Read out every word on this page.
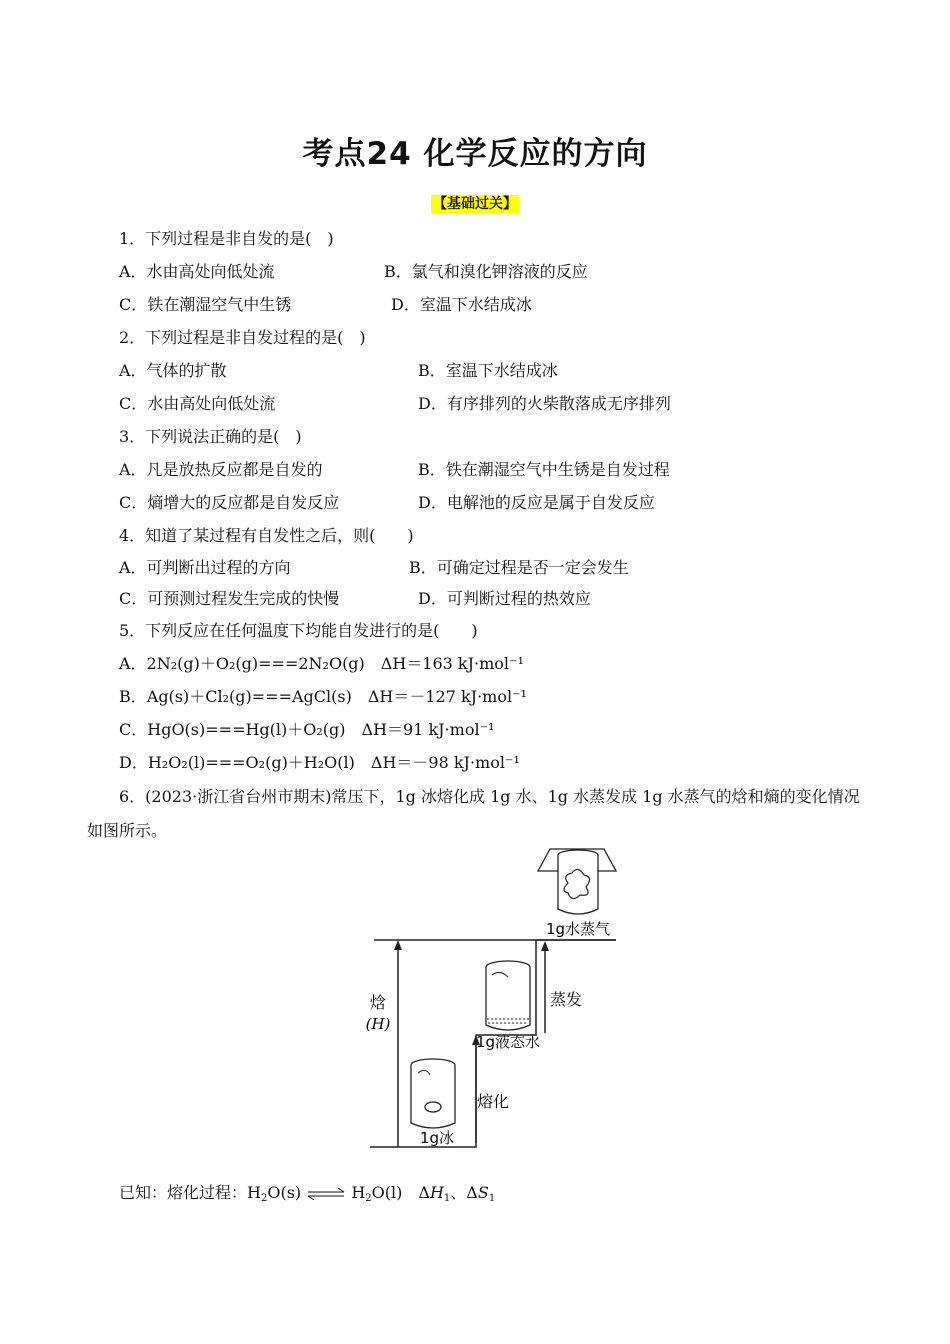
考点24 化学反应的方向
【基础过关】
1．下列过程是非自发的是(　)
A．水由高处向低处流	B．氯气和溴化钾溶液的反应
C．铁在潮湿空气中生锈	D．室温下水结成冰
2．下列过程是非自发过程的是(　)
A．气体的扩散	B．室温下水结成冰
C．水由高处向低处流	D．有序排列的火柴散落成无序排列
3．下列说法正确的是(　)
A．凡是放热反应都是自发的	B．铁在潮湿空气中生锈是自发过程
C．熵增大的反应都是自发反应	D．电解池的反应是属于自发反应
4．知道了某过程有自发性之后，则(　　)
A．可判断出过程的方向	B．可确定过程是否一定会发生
C．可预测过程发生完成的快慢	D．可判断过程的热效应
5．下列反应在任何温度下均能自发进行的是(　　)
A．2N₂(g)＋O₂(g)===2N₂O(g)　ΔH＝163 kJ·mol⁻¹
B．Ag(s)＋Cl₂(g)===AgCl(s)　ΔH＝－127 kJ·mol⁻¹
C．HgO(s)===Hg(l)＋O₂(g)　ΔH＝91 kJ·mol⁻¹
D．H₂O₂(l)===O₂(g)＋H₂O(l)　ΔH＝－98 kJ·mol⁻¹
6．(2023·浙江省台州市期末)常压下，1g 冰熔化成 1g 水、1g 水蒸发成 1g 水蒸气的焓和熵的变化情况
如图所示。
1g水蒸气
1g液态水
1g冰
蒸发
熔化
焓
(H)
已知：熔化过程：$H_2O(s)$ ⇌ $H_2O(l)$　$\Delta H_1$、$\Delta S_1$
